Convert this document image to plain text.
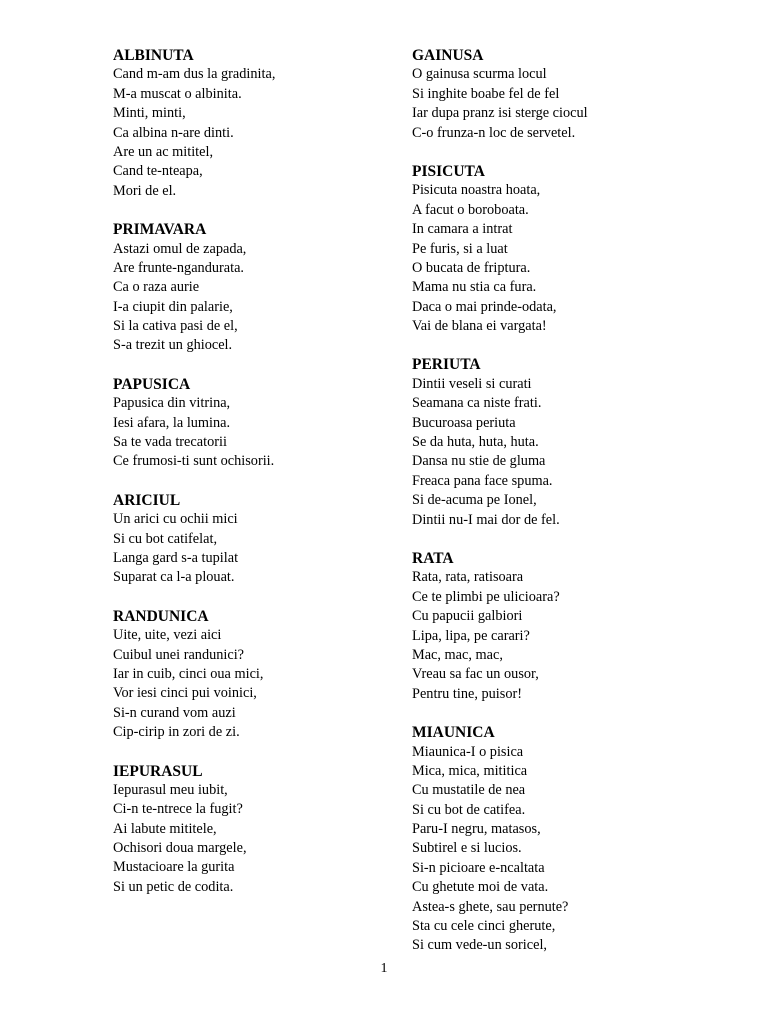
ALBINUTA
Cand m-am dus la gradinita,
M-a muscat o albinita.
Minti, minti,
Ca albina n-are dinti.
Are un ac mititel,
Cand te-nteapa,
Mori de el.
PRIMAVARA
Astazi omul de zapada,
Are frunte-ngandurata.
Ca o raza aurie
I-a ciupit din palarie,
Si la cativa pasi de el,
S-a trezit un ghiocel.
PAPUSICA
Papusica din vitrina,
Iesi afara, la lumina.
Sa te vada trecatorii
Ce frumosi-ti sunt ochisorii.
ARICIUL
Un arici cu ochii mici
Si cu bot catifelat,
Langa gard s-a tupilat
Suparat ca l-a plouat.
RANDUNICA
Uite, uite, vezi aici
Cuibul unei randunici?
Iar in cuib, cinci oua mici,
Vor iesi cinci pui voinici,
Si-n curand vom auzi
Cip-cirip in zori de zi.
IEPURASUL
Iepurasul meu iubit,
Ci-n te-ntrece la fugit?
Ai labute mititele,
Ochisori doua margele,
Mustacioare la gurita
Si un petic de codita.
GAINUSA
O gainusa scurma locul
Si inghite boabe fel de fel
Iar dupa pranz isi sterge ciocul
C-o frunza-n loc de servetel.
PISICUTA
Pisicuta noastra hoata,
A facut o boroboata.
In camara a intrat
Pe furis, si a luat
O bucata de friptura.
Mama nu stia ca fura.
Daca o mai prinde-odata,
Vai de blana ei vargata!
PERIUTA
Dintii veseli si curati
Seamana ca niste frati.
Bucuroasa periuta
Se da huta, huta, huta.
Dansa nu stie de gluma
Freaca pana face spuma.
Si de-acuma pe Ionel,
Dintii nu-I mai dor de fel.
RATA
Rata, rata, ratisoara
Ce te plimbi pe ulicioara?
Cu papucii galbiori
Lipa, lipa, pe carari?
Mac, mac, mac,
Vreau sa fac un ousor,
Pentru tine, puisor!
MIAUNICA
Miaunica-I o pisica
Mica, mica, mititica
Cu mustatile de nea
Si cu bot de catifea.
Paru-I negru, matasos,
Subtirel e si lucios.
Si-n picioare e-ncaltata
Cu ghetute moi de vata.
Astea-s ghete, sau pernute?
Sta cu cele cinci gherute,
Si cum vede-un soricel,
1
